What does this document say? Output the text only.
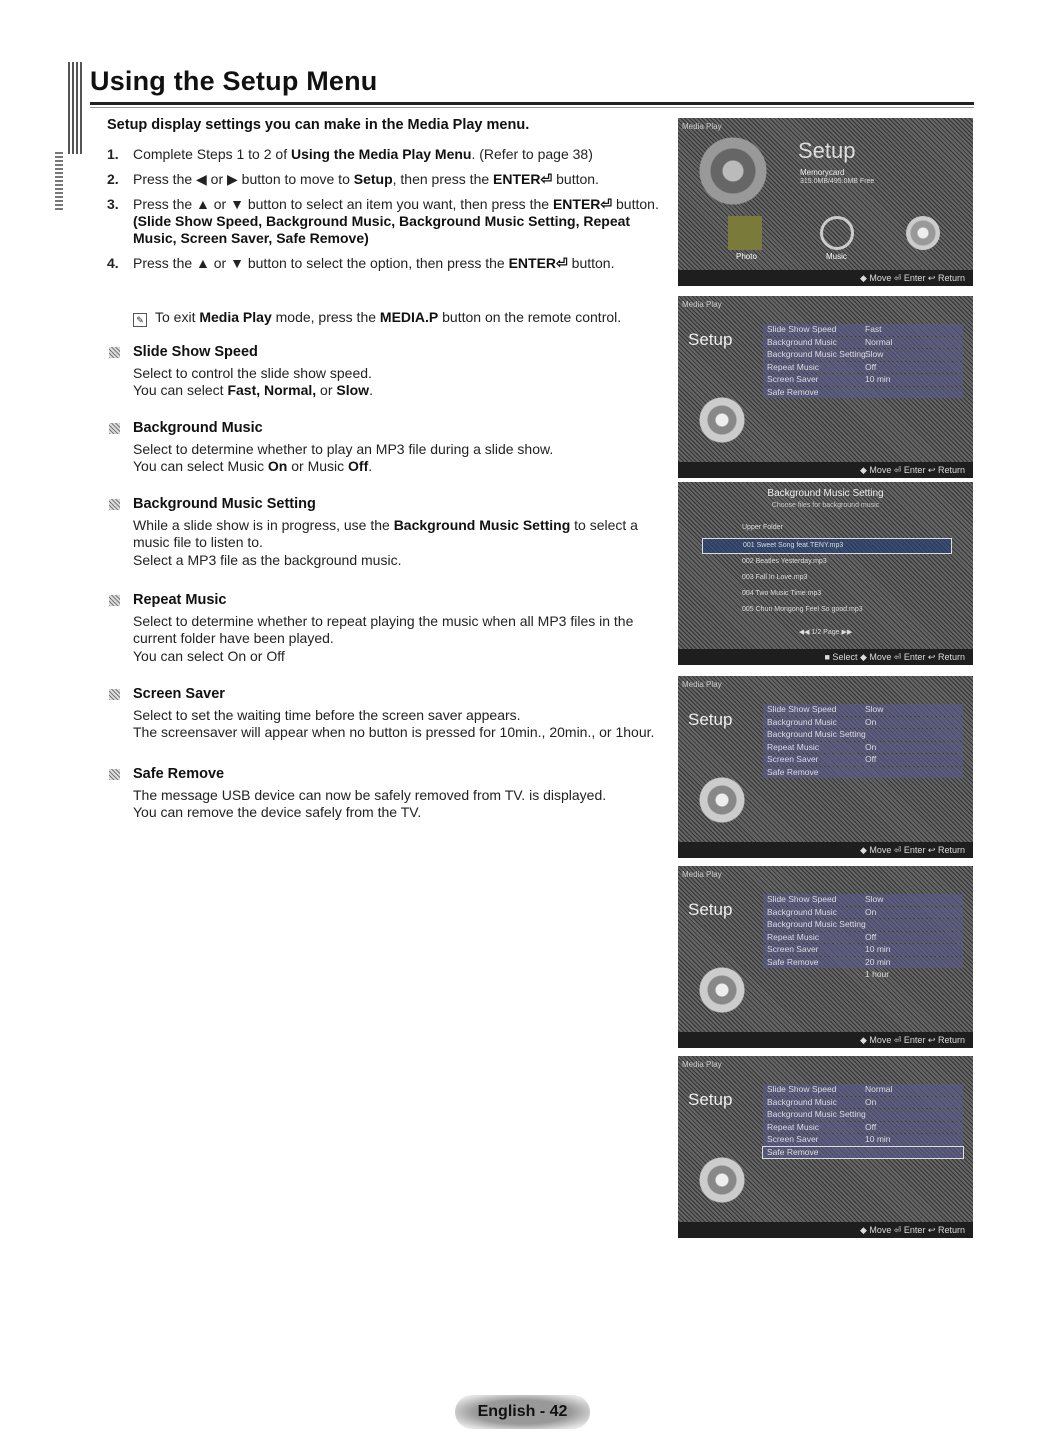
Using the Setup Menu
Setup display settings you can make in the Media Play menu.
1. Complete Steps 1 to 2 of Using the Media Play Menu. (Refer to page 38)
2. Press the ◀ or ▶ button to move to Setup, then press the ENTER⏎ button.
3. Press the ▲ or ▼ button to select an item you want, then press the ENTER⏎ button.
(Slide Show Speed, Background Music, Background Music Setting, Repeat Music, Screen Saver, Safe Remove)
4. Press the ▲ or ▼ button to select the option, then press the ENTER⏎ button.
✎ To exit Media Play mode, press the MEDIA.P button on the remote control.
Slide Show Speed

Select to control the slide show speed.

You can select Fast, Normal, or Slow.

Background Music

Select to determine whether to play an MP3 file during a slide show.

You can select Music On or Music Off.

Background Music Setting

While a slide show is in progress, use the Background Music Setting to select a music file to listen to.

Select a MP3 file as the background music.

Repeat Music

Select to determine whether to repeat playing the music when all MP3 files in the current folder have been played.

You can select On or Off

Screen Saver

Select to set the waiting time before the screen saver appears.

The screensaver will appear when no button is pressed for 10min., 20min., or 1hour.

Safe Remove

The message USB device can now be safely removed from TV. is displayed.

You can remove the device safely from the TV.

Media Play
Setup
Memorycard
315.0MB/495.0MB Free
Photo	Music
◆ Move ⏎ Enter ↩ Return
Media Play
Setup
Slide Show Speed	Fast
Background Music	Normal
Background Music Setting Slow
Repeat Music	Off
Screen Saver	10 min
Safe Remove
◆ Move ⏎ Enter ↩ Return
Background Music Setting
Choose files for background music
Upper Folder
001 Sweet Song feat.TENY.mp3
002 Beatles Yesterday.mp3
003 Fall In Love.mp3
004 Two Music Time.mp3
005 Chun Mongong Feel So good.mp3
◀◀ 1/2 Page ▶▶
■ Select ◆ Move ⏎ Enter ↩ Return
Media Play
Setup
Slide Show Speed	Slow
Background Music	On
Background Music Setting
Repeat Music	On
Screen Saver	Off
Safe Remove
◆ Move ⏎ Enter ↩ Return
Media Play
Setup
Slide Show Speed	Slow
Background Music	On
Background Music Setting
Repeat Music	Off
Screen Saver	10 min
Safe Remove	20 min
1 hour
◆ Move ⏎ Enter ↩ Return
Media Play
Setup
Slide Show Speed	Normal
Background Music	On
Background Music Setting
Repeat Music	Off
Screen Saver	10 min
Safe Remove
◆ Move ⏎ Enter ↩ Return
English - 42
